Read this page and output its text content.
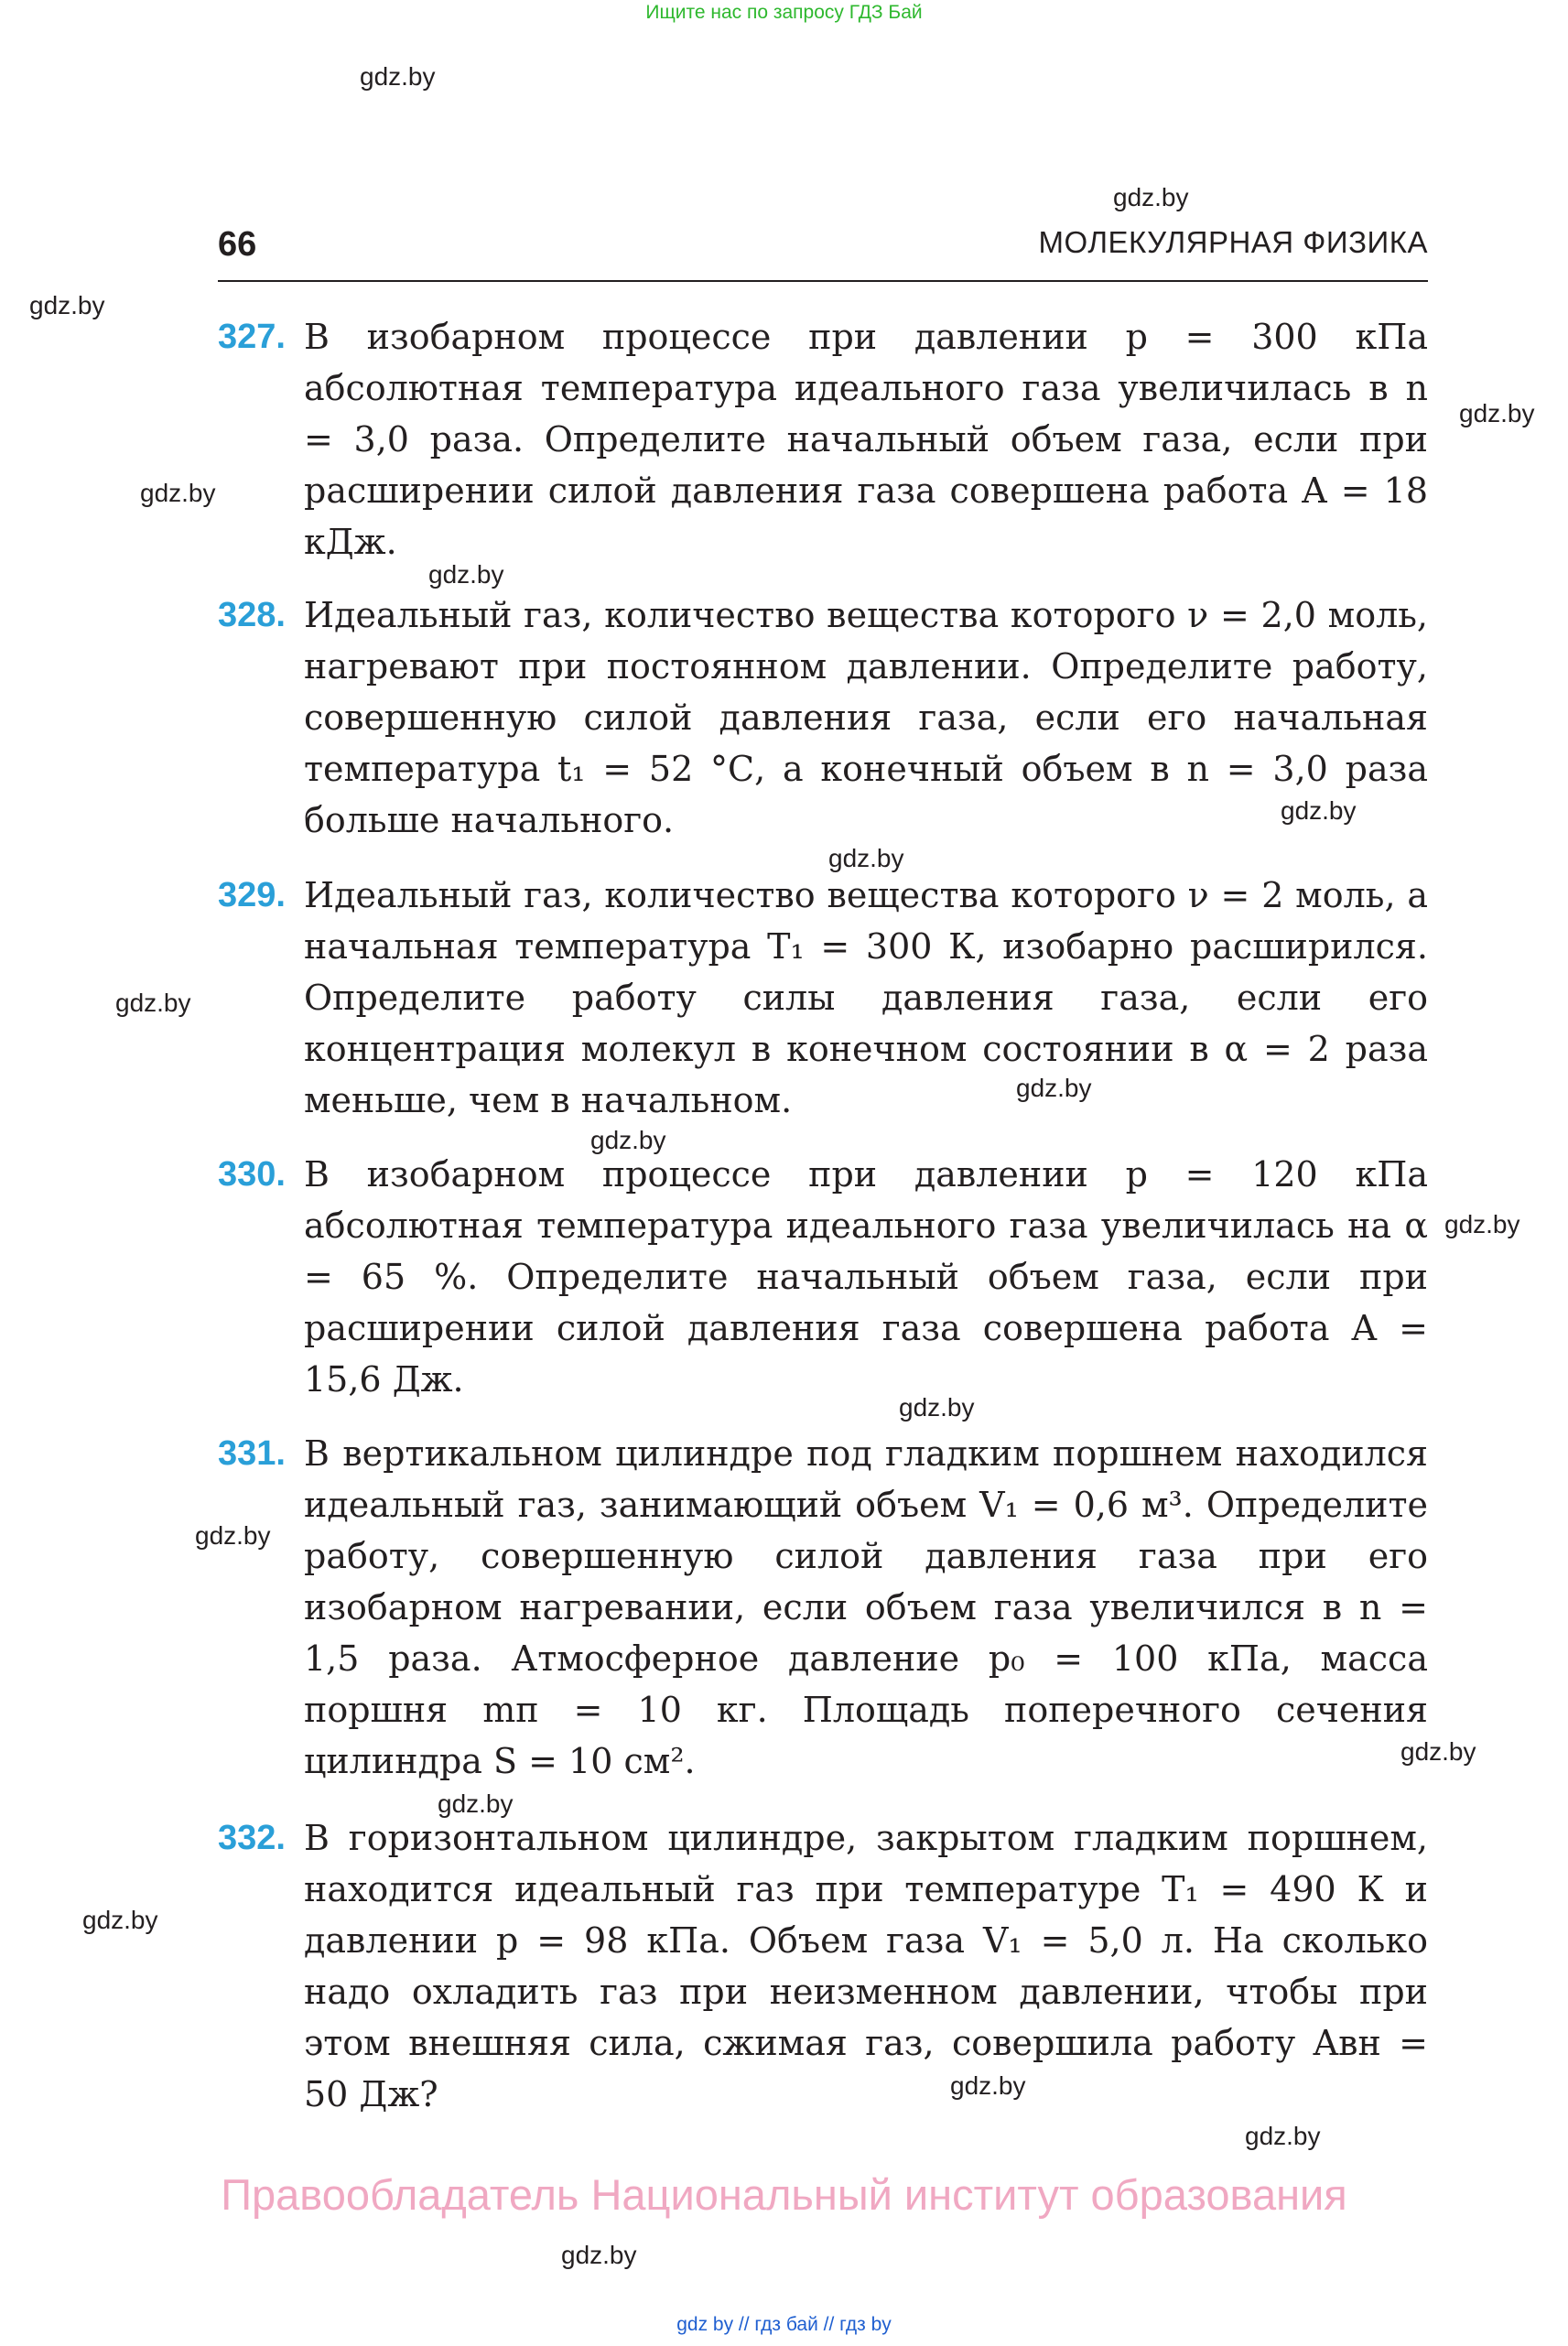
Ищите нас по запросу ГДЗ Бай
gdz.by
gdz.by
gdz.by
gdz.by
gdz.by
gdz.by
gdz.by
gdz.by
gdz.by
gdz.by
gdz.by
gdz.by
gdz.by
gdz.by
gdz.by
gdz.by
gdz.by
gdz.by
gdz.by
gdz.by
66	МОЛЕКУЛЯРНАЯ ФИЗИКА
327. В изобарном процессе при давлении p = 300 кПа абсолютная температура идеального газа увеличилась в n = 3,0 раза. Определите начальный объем газа, если при расширении силой давления газа совершена работа A = 18 кДж.

328. Идеальный газ, количество вещества которого ν = 2,0 моль, нагревают при постоянном давлении. Определите работу, совершенную силой давления газа, если его начальная температура t₁ = 52 °С, а конечный объем в n = 3,0 раза больше начального.

329. Идеальный газ, количество вещества которого ν = 2 моль, а начальная температура T₁ = 300 К, изобарно расширился. Определите работу силы давления газа, если его концентрация молекул в конечном состоянии в α = 2 раза меньше, чем в начальном.

330. В изобарном процессе при давлении p = 120 кПа абсолютная температура идеального газа увеличилась на α = 65 %. Определите начальный объем газа, если при расширении силой давления газа совершена работа A = 15,6 Дж.

331. В вертикальном цилиндре под гладким поршнем находился идеальный газ, занимающий объем V₁ = 0,6 м³. Определите работу, совершенную силой давления газа при его изобарном нагревании, если объем газа увеличился в n = 1,5 раза. Атмосферное давление p₀ = 100 кПа, масса поршня mп = 10 кг. Площадь поперечного сечения цилиндра S = 10 см².

332. В горизонтальном цилиндре, закрытом гладким поршнем, находится идеальный газ при температуре T₁ = 490 К и давлении p = 98 кПа. Объем газа V₁ = 5,0 л. На сколько надо охладить газ при неизменном давлении, чтобы при этом внешняя сила, сжимая газ, совершила работу Aвн = 50 Дж?

Правообладатель Национальный институт образования
gdz by // гдз бай // гдз by
